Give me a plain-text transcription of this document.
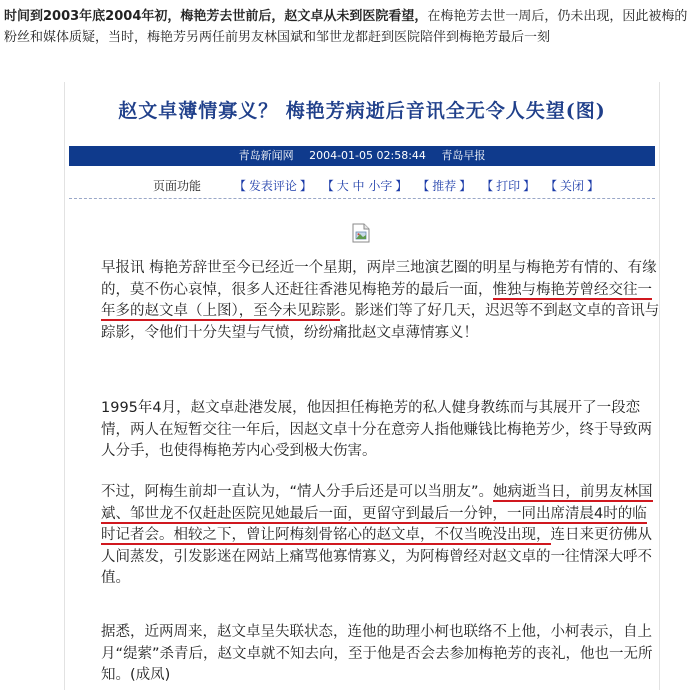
时间到2003年底2004年初，梅艳芳去世前后，赵文卓从未到医院看望，在梅艳芳去世一周后，仍未出现，因此被梅的粉丝和媒体质疑，当时，梅艳芳另两任前男友林国斌和邹世龙都赶到医院陪伴到梅艳芳最后一刻
赵文卓薄情寡义？ 梅艳芳病逝后音讯全无令人失望(图)
青岛新闻网 2004-01-05 02:58:44 青岛早报
页面功能	【 发表评论 】 【 大 中 小字 】 【 推荐 】 【 打印 】 【 关闭 】
早报讯 梅艳芳辞世至今已经近一个星期，两岸三地演艺圈的明星与梅艳芳有情的、有缘的，莫不伤心哀悼，很多人还赶往香港见梅艳芳的最后一面，惟独与梅艳芳曾经交往一年多的赵文卓（上图），至今未见踪影。影迷们等了好几天，迟迟等不到赵文卓的音讯与踪影，令他们十分失望与气愤，纷纷痛批赵文卓薄情寡义！
1995年4月，赵文卓赴港发展，他因担任梅艳芳的私人健身教练而与其展开了一段恋情，两人在短暂交往一年后，因赵文卓十分在意旁人指他赚钱比梅艳芳少，终于导致两人分手，也使得梅艳芳内心受到极大伤害。
不过，阿梅生前却一直认为，“情人分手后还是可以当朋友”。她病逝当日，前男友林国斌、邹世龙不仅赶赴医院见她最后一面，更留守到最后一分钟，一同出席清晨4时的临时记者会。相较之下，曾让阿梅刻骨铭心的赵文卓，不仅当晚没出现，连日来更彷佛从人间蒸发，引发影迷在网站上痛骂他寡情寡义，为阿梅曾经对赵文卓的一往情深大呼不值。
据悉，近两周来，赵文卓呈失联状态，连他的助理小柯也联络不上他，小柯表示，自上月“缇萦”杀青后，赵文卓就不知去向，至于他是否会去参加梅艳芳的丧礼，他也一无所知。(成凤)
